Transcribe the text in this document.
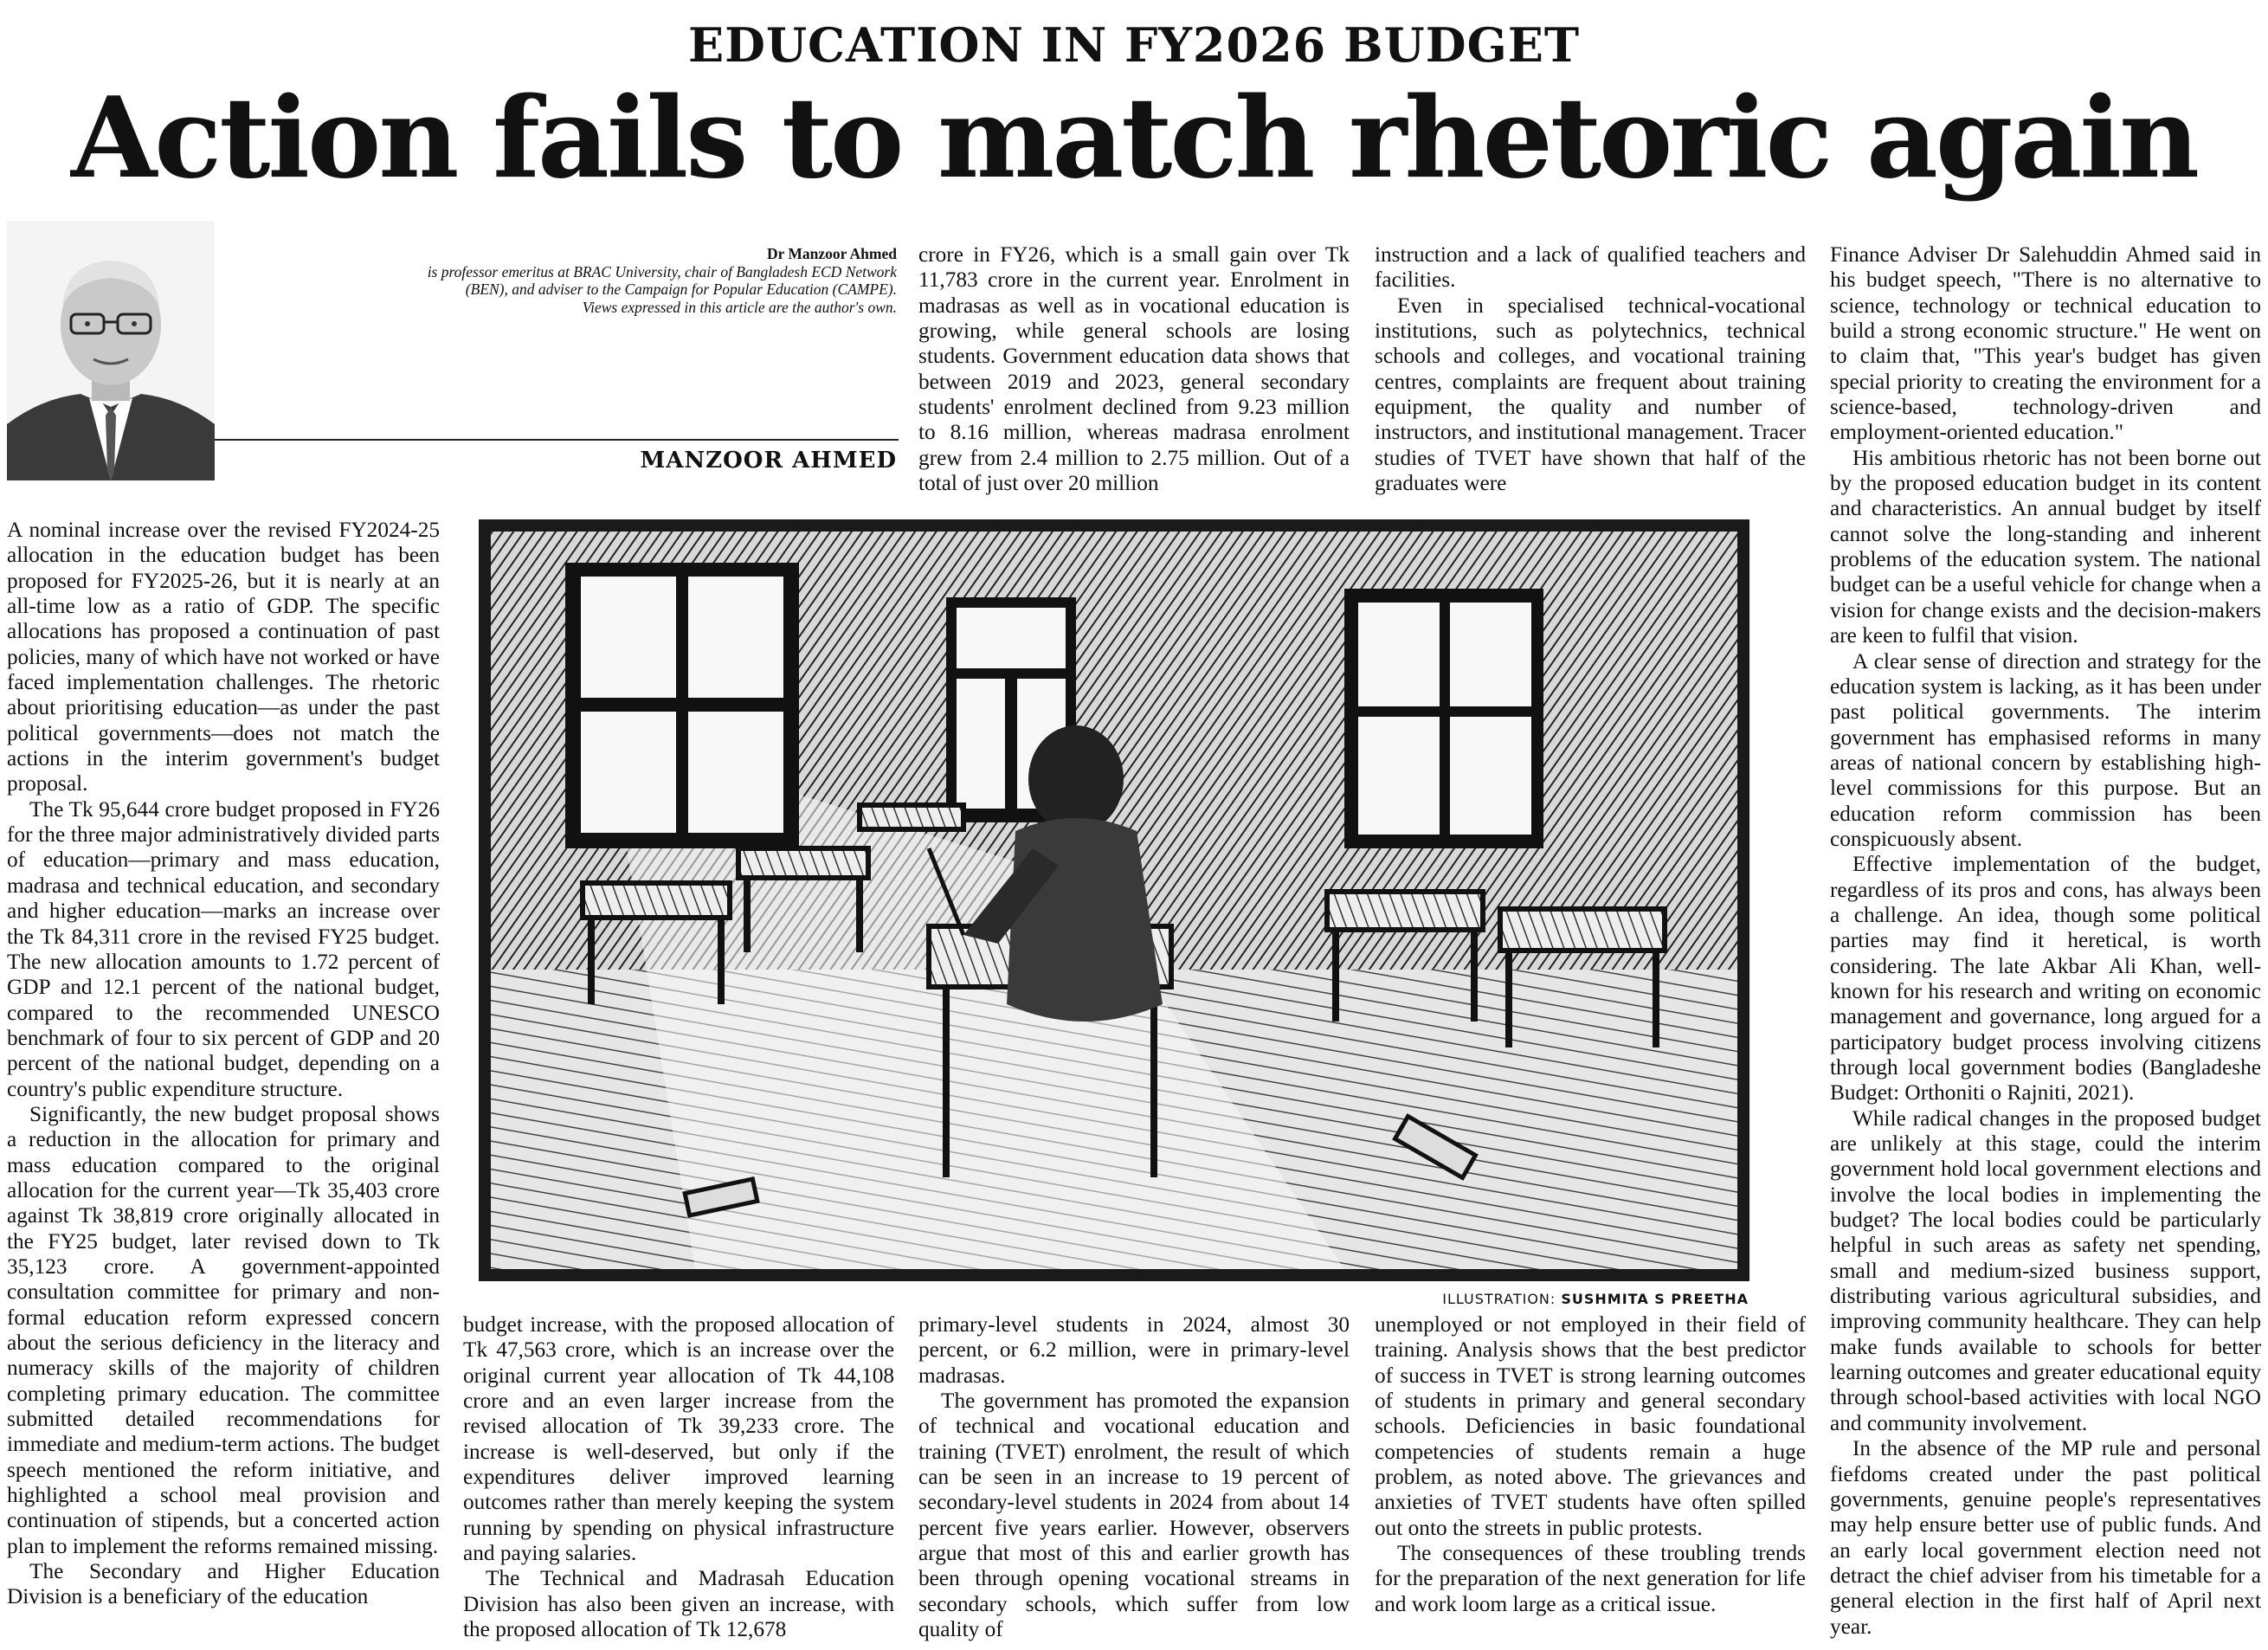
EDUCATION IN FY2026 BUDGET
Action fails to match rhetoric again
Dr Manzoor Ahmed
is professor emeritus at BRAC University, chair of Bangladesh ECD Network (BEN), and adviser to the Campaign for Popular Education (CAMPE).
Views expressed in this article are the author's own.
MANZOOR AHMED

A nominal increase over the revised FY2024-25 allocation in the education budget has been proposed for FY2025-26, but it is nearly at an all-time low as a ratio of GDP. The specific allocations has proposed a continuation of past policies, many of which have not worked or have faced implementation challenges. The rhetoric about prioritising education—as under the past political governments—does not match the actions in the interim government's budget proposal.

The Tk 95,644 crore budget proposed in FY26 for the three major administratively divided parts of education—primary and mass education, madrasa and technical education, and secondary and higher education—marks an increase over the Tk 84,311 crore in the revised FY25 budget. The new allocation amounts to 1.72 percent of GDP and 12.1 percent of the national budget, compared to the recommended UNESCO benchmark of four to six percent of GDP and 20 percent of the national budget, depending on a country's public expenditure structure.

Significantly, the new budget proposal shows a reduction in the allocation for primary and mass education compared to the original allocation for the current year—Tk 35,403 crore against Tk 38,819 crore originally allocated in the FY25 budget, later revised down to Tk 35,123 crore. A government-appointed consultation committee for primary and non-formal education reform expressed concern about the serious deficiency in the literacy and numeracy skills of the majority of children completing primary education. The committee submitted detailed recommendations for immediate and medium-term actions. The budget speech mentioned the reform initiative, and highlighted a school meal provision and continuation of stipends, but a concerted action plan to implement the reforms remained missing.

The Secondary and Higher Education Division is a beneficiary of the education

budget increase, with the proposed allocation of Tk 47,563 crore, which is an increase over the original current year allocation of Tk 44,108 crore and an even larger increase from the revised allocation of Tk 39,233 crore. The increase is well-deserved, but only if the expenditures deliver improved learning outcomes rather than merely keeping the system running by spending on physical infrastructure and paying salaries.

The Technical and Madrasah Education Division has also been given an increase, with the proposed allocation of Tk 12,678

crore in FY26, which is a small gain over Tk 11,783 crore in the current year. Enrolment in madrasas as well as in vocational education is growing, while general schools are losing students. Government education data shows that between 2019 and 2023, general secondary students' enrolment declined from 9.23 million to 8.16 million, whereas madrasa enrolment grew from 2.4 million to 2.75 million. Out of a total of just over 20 million

primary-level students in 2024, almost 30 percent, or 6.2 million, were in primary-level madrasas.

The government has promoted the expansion of technical and vocational education and training (TVET) enrolment, the result of which can be seen in an increase to 19 percent of secondary-level students in 2024 from about 14 percent five years earlier. However, observers argue that most of this and earlier growth has been through opening vocational streams in secondary schools, which suffer from low quality of

instruction and a lack of qualified teachers and facilities.

Even in specialised technical-vocational institutions, such as polytechnics, technical schools and colleges, and vocational training centres, complaints are frequent about training equipment, the quality and number of instructors, and institutional management. Tracer studies of TVET have shown that half of the graduates were

unemployed or not employed in their field of training. Analysis shows that the best predictor of success in TVET is strong learning outcomes of students in primary and general secondary schools. Deficiencies in basic foundational competencies of students remain a huge problem, as noted above. The grievances and anxieties of TVET students have often spilled out onto the streets in public protests.

The consequences of these troubling trends for the preparation of the next generation for life and work loom large as a critical issue.

Finance Adviser Dr Salehuddin Ahmed said in his budget speech, "There is no alternative to science, technology or technical education to build a strong economic structure." He went on to claim that, "This year's budget has given special priority to creating the environment for a science-based, technology-driven and employment-oriented education."

His ambitious rhetoric has not been borne out by the proposed education budget in its content and characteristics. An annual budget by itself cannot solve the long-standing and inherent problems of the education system. The national budget can be a useful vehicle for change when a vision for change exists and the decision-makers are keen to fulfil that vision.

A clear sense of direction and strategy for the education system is lacking, as it has been under past political governments. The interim government has emphasised reforms in many areas of national concern by establishing high-level commissions for this purpose. But an education reform commission has been conspicuously absent.

Effective implementation of the budget, regardless of its pros and cons, has always been a challenge. An idea, though some political parties may find it heretical, is worth considering. The late Akbar Ali Khan, well-known for his research and writing on economic management and governance, long argued for a participatory budget process involving citizens through local government bodies (Bangladeshe Budget: Orthoniti o Rajniti, 2021).

While radical changes in the proposed budget are unlikely at this stage, could the interim government hold local government elections and involve the local bodies in implementing the budget? The local bodies could be particularly helpful in such areas as safety net spending, small and medium-sized business support, distributing various agricultural subsidies, and improving community healthcare. They can help make funds available to schools for better learning outcomes and greater educational equity through school-based activities with local NGO and community involvement.

In the absence of the MP rule and personal fiefdoms created under the past political governments, genuine people's representatives may help ensure better use of public funds. And an early local government election need not detract the chief adviser from his timetable for a general election in the first half of April next year.

ILLUSTRATION: SUSHMITA S PREETHA
